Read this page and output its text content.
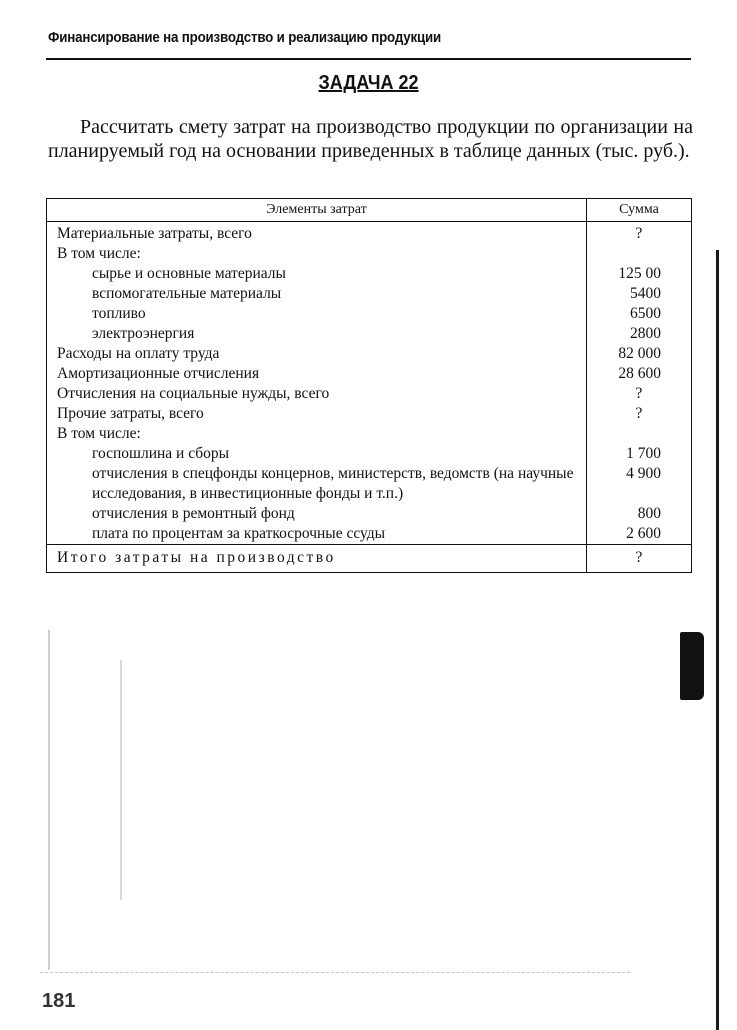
Финансирование на производство и реализацию продукции
ЗАДАЧА 22

Рассчитать смету затрат на производство продукции по организации на планируемый год на основании приведенных в таблице данных (тыс. руб.).

Элементы затрат	Сумма
Материальные затраты, всего	?
В том числе:	
сырье и основные материалы	125 00
вспомогательные материалы	5400
топливо	6500
электроэнергия	2800
Расходы на оплату труда	82 000
Амортизационные отчисления	28 600
Отчисления на социальные нужды, всего	?
Прочие затраты, всего	?
В том числе:	
госпошлина и сборы	1 700
отчисления в спецфонды концернов, министерств, ведомств (на научные исследования, в инвестиционные фонды и т.п.)	4 900
отчисления в ремонтный фонд	800
плата по процентам за краткосрочные ссуды	2 600
Итого затраты на производство	?
181
